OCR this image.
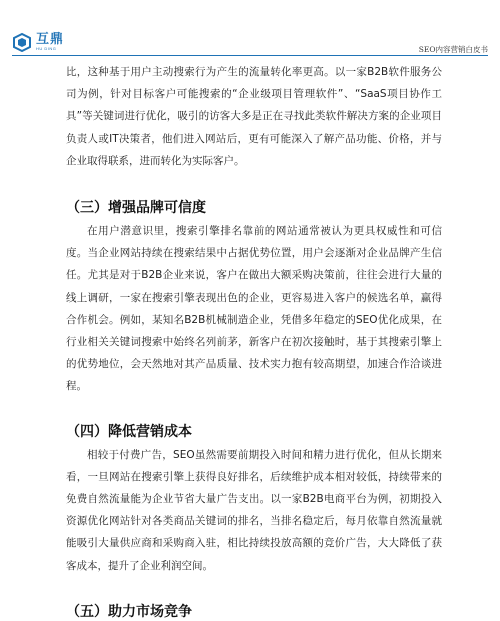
互鼎
HU DING	SEO内容营销白皮书

比，这种基于用户主动搜索行为产生的流量转化率更高。以一家B2B软件服务公司为例，针对目标客户可能搜索的“企业级项目管理软件”、“SaaS项目协作工具”等关键词进行优化，吸引的访客大多是正在寻找此类软件解决方案的企业项目负责人或IT决策者，他们进入网站后，更有可能深入了解产品功能、价格，并与企业取得联系，进而转化为实际客户。

（三）增强品牌可信度

在用户潜意识里，搜索引擎排名靠前的网站通常被认为更具权威性和可信度。当企业网站持续在搜索结果中占据优势位置，用户会逐渐对企业品牌产生信任。尤其是对于B2B企业来说，客户在做出大额采购决策前，往往会进行大量的线上调研，一家在搜索引擎表现出色的企业，更容易进入客户的候选名单，赢得合作机会。例如，某知名B2B机械制造企业，凭借多年稳定的SEO优化成果，在行业相关关键词搜索中始终名列前茅，新客户在初次接触时，基于其搜索引擎上的优势地位，会天然地对其产品质量、技术实力抱有较高期望，加速合作洽谈进程。

（四）降低营销成本

相较于付费广告，SEO虽然需要前期投入时间和精力进行优化，但从长期来看，一旦网站在搜索引擎上获得良好排名，后续维护成本相对较低，持续带来的免费自然流量能为企业节省大量广告支出。以一家B2B电商平台为例，初期投入资源优化网站针对各类商品关键词的排名，当排名稳定后，每月依靠自然流量就能吸引大量供应商和采购商入驻，相比持续投放高额的竞价广告，大大降低了获客成本，提升了企业利润空间。

（五）助力市场竞争
